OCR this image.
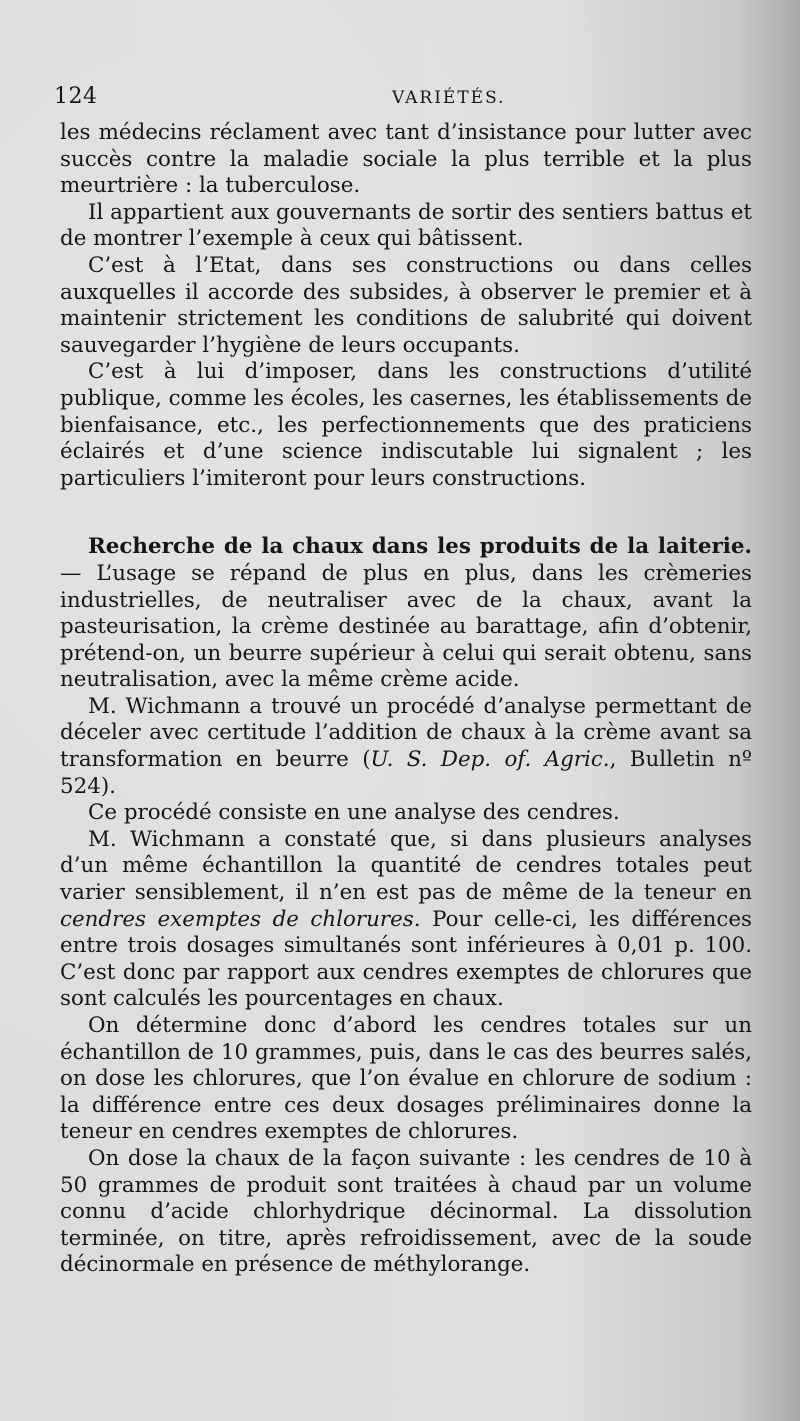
124	VARIÉTÉS.

les médecins réclament avec tant d’insistance pour lutter avec succès contre la maladie sociale la plus terrible et la plus meurtrière : la tuberculose.

Il appartient aux gouvernants de sortir des sentiers battus et de montrer l’exemple à ceux qui bâtissent.

C’est à l’Etat, dans ses constructions ou dans celles auxquelles il accorde des subsides, à observer le premier et à maintenir strictement les conditions de salubrité qui doivent sauvegarder l’hygiène de leurs occupants.

C’est à lui d’imposer, dans les constructions d’utilité publique, comme les écoles, les casernes, les établissements de bienfaisance, etc., les perfectionnements que des praticiens éclairés et d’une science indiscutable lui signalent ; les particuliers l’imiteront pour leurs constructions.

Recherche de la chaux dans les produits de la laiterie. — L’usage se répand de plus en plus, dans les crèmeries industrielles, de neutraliser avec de la chaux, avant la pasteurisation, la crème destinée au barattage, afin d’obtenir, prétend-on, un beurre supérieur à celui qui serait obtenu, sans neutralisation, avec la même crème acide.

M. Wichmann a trouvé un procédé d’analyse permettant de déceler avec certitude l’addition de chaux à la crème avant sa transformation en beurre (U. S. Dep. of. Agric., Bulletin nº 524).

Ce procédé consiste en une analyse des cendres.

M. Wichmann a constaté que, si dans plusieurs analyses d’un même échantillon la quantité de cendres totales peut varier sensiblement, il n’en est pas de même de la teneur en cendres exemptes de chlorures. Pour celle-ci, les différences entre trois dosages simultanés sont inférieures à 0,01 p. 100. C’est donc par rapport aux cendres exemptes de chlorures que sont calculés les pourcentages en chaux.

On détermine donc d’abord les cendres totales sur un échantillon de 10 grammes, puis, dans le cas des beurres salés, on dose les chlorures, que l’on évalue en chlorure de sodium : la différence entre ces deux dosages préliminaires donne la teneur en cendres exemptes de chlorures.

On dose la chaux de la façon suivante : les cendres de 10 à 50 grammes de produit sont traitées à chaud par un volume connu d’acide chlorhydrique décinormal. La dissolution terminée, on titre, après refroidissement, avec de la soude décinormale en présence de méthylorange.
